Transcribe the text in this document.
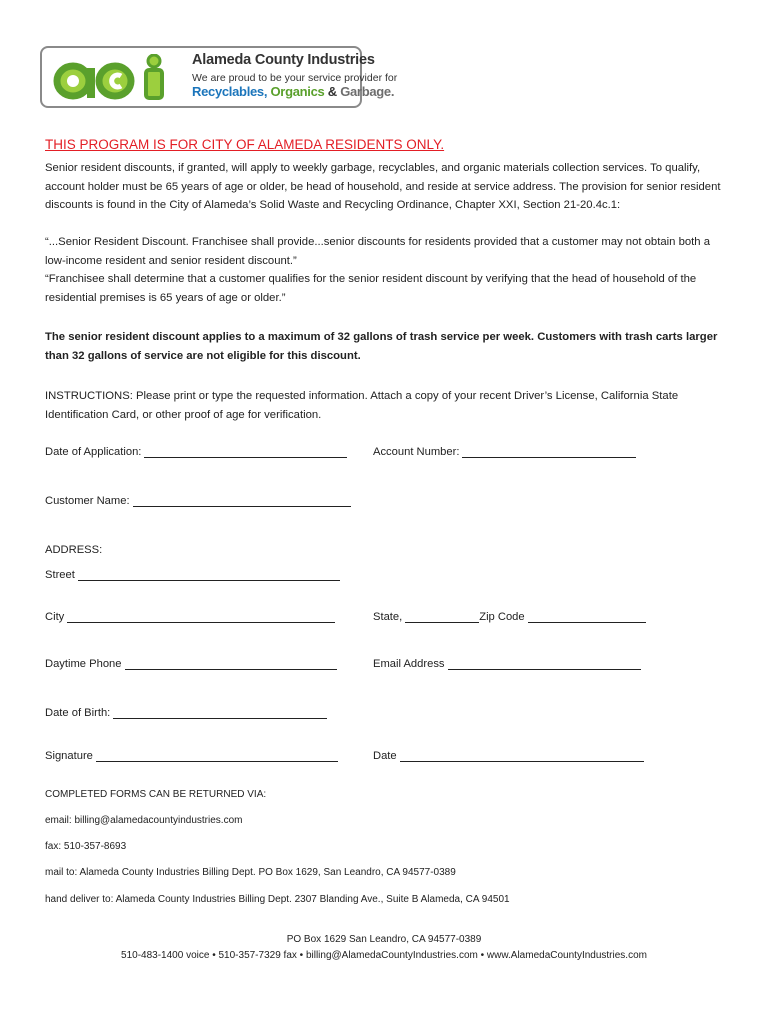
Alameda County Industries
We are proud to be your service provider for
Recyclables, Organics & Garbage.
THIS PROGRAM IS FOR CITY OF ALAMEDA RESIDENTS ONLY.
Senior resident discounts, if granted, will apply to weekly garbage, recyclables, and organic materials collection services. To qualify, account holder must be 65 years of age or older, be head of household, and reside at service address. The provision for senior resident discounts is found in the City of Alameda’s Solid Waste and Recycling Ordinance, Chapter XXI, Section 21-20.4c.1:
“...Senior Resident Discount. Franchisee shall provide...senior discounts for residents provided that a customer may not obtain both a low-income resident and senior resident discount.”
“Franchisee shall determine that a customer qualifies for the senior resident discount by verifying that the head of household of the residential premises is 65 years of age or older.”
The senior resident discount applies to a maximum of 32 gallons of trash service per week. Customers with trash carts larger than 32 gallons of service are not eligible for this discount.
INSTRUCTIONS: Please print or type the requested information. Attach a copy of your recent Driver’s License, California State Identification Card, or other proof of age for verification.
Date of Application:	Account Number:
Customer Name:
ADDRESS:
Street
City	State,	Zip Code
Daytime Phone	Email Address
Date of Birth:
Signature	Date
COMPLETED FORMS CAN BE RETURNED VIA:
email: billing@alamedacountyindustries.com
fax: 510-357-8693
mail to: Alameda County Industries Billing Dept. PO Box 1629, San Leandro, CA 94577-0389
hand deliver to: Alameda County Industries Billing Dept. 2307 Blanding Ave., Suite B Alameda, CA 94501
PO Box 1629 San Leandro, CA 94577-0389
510-483-1400 voice • 510-357-7329 fax • billing@AlamedaCountyIndustries.com • www.AlamedaCountyIndustries.com
